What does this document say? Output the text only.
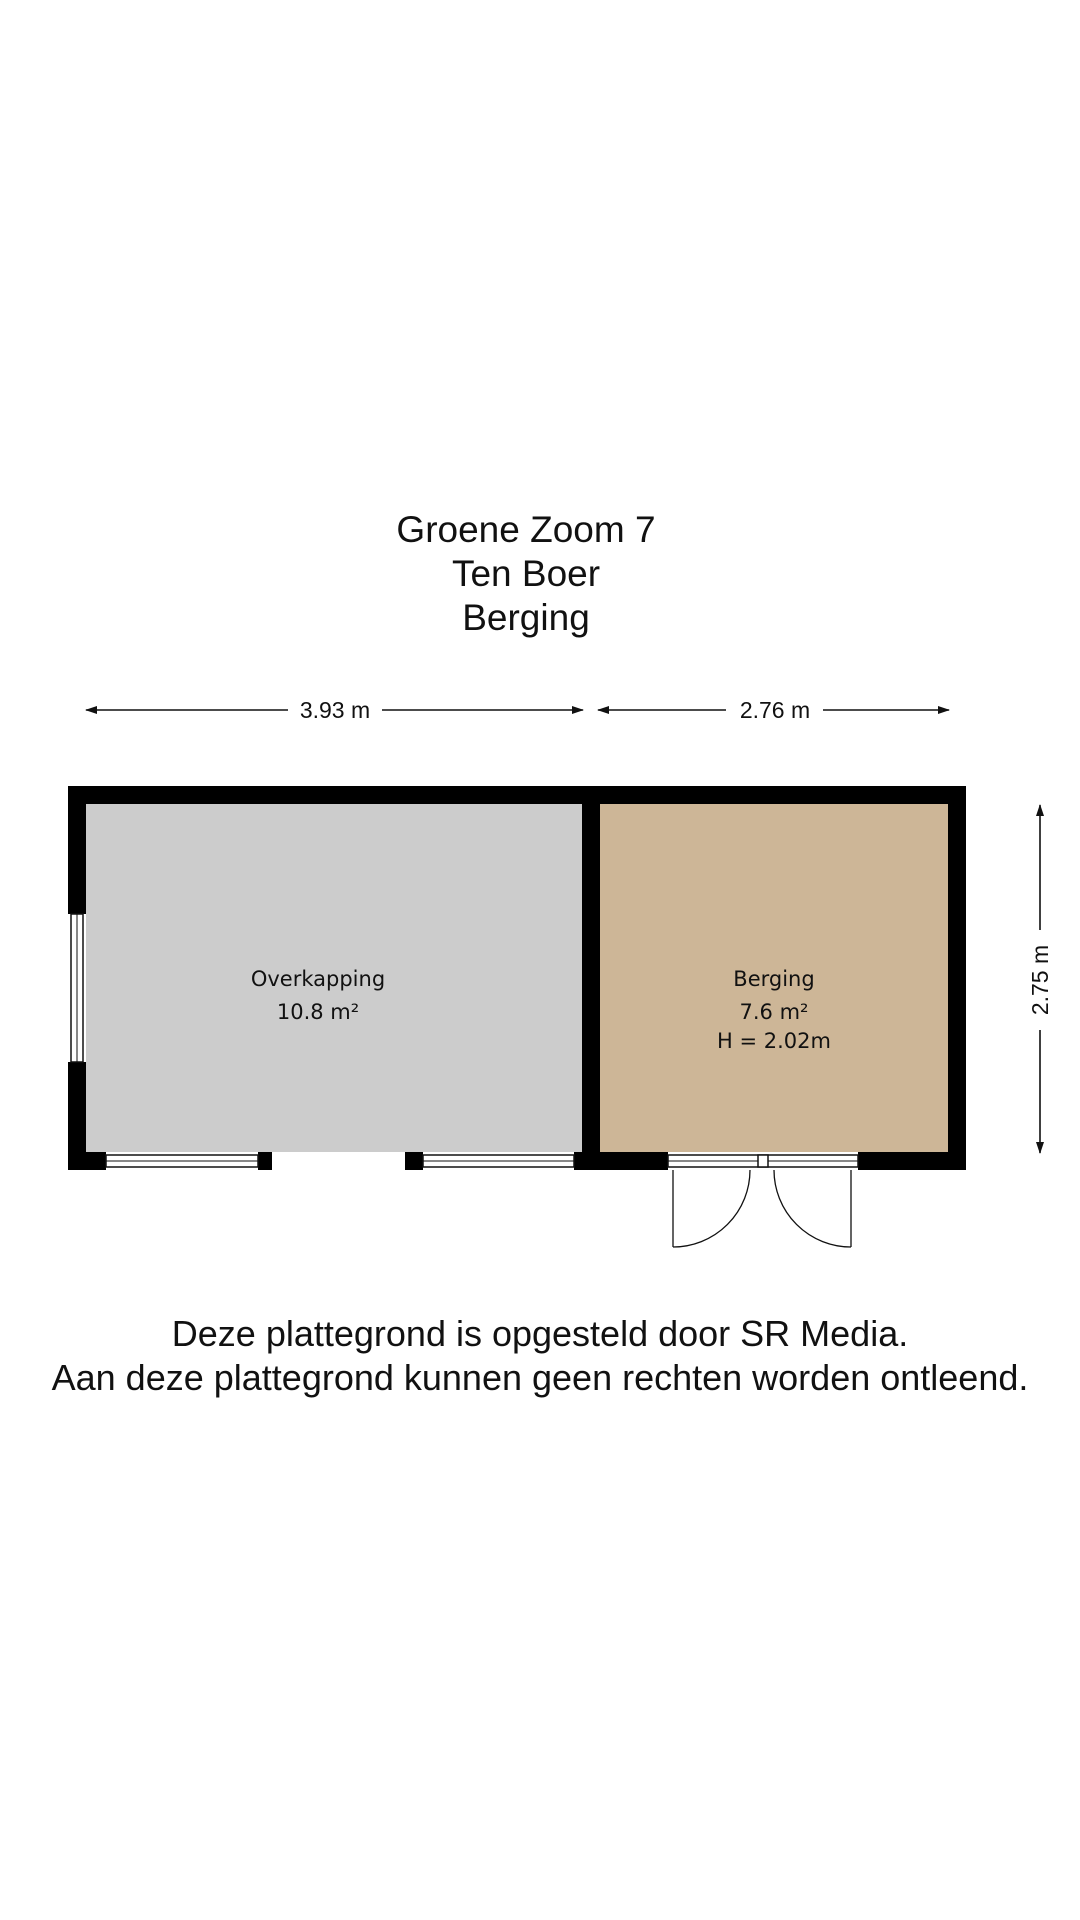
Groene Zoom 7
Ten Boer
Berging
3.93 m	2.76 m
2.75 m
Overkapping
10.8 m²
Berging
7.6 m²
H = 2.02m
Deze plattegrond is opgesteld door SR Media.
Aan deze plattegrond kunnen geen rechten worden ontleend.
